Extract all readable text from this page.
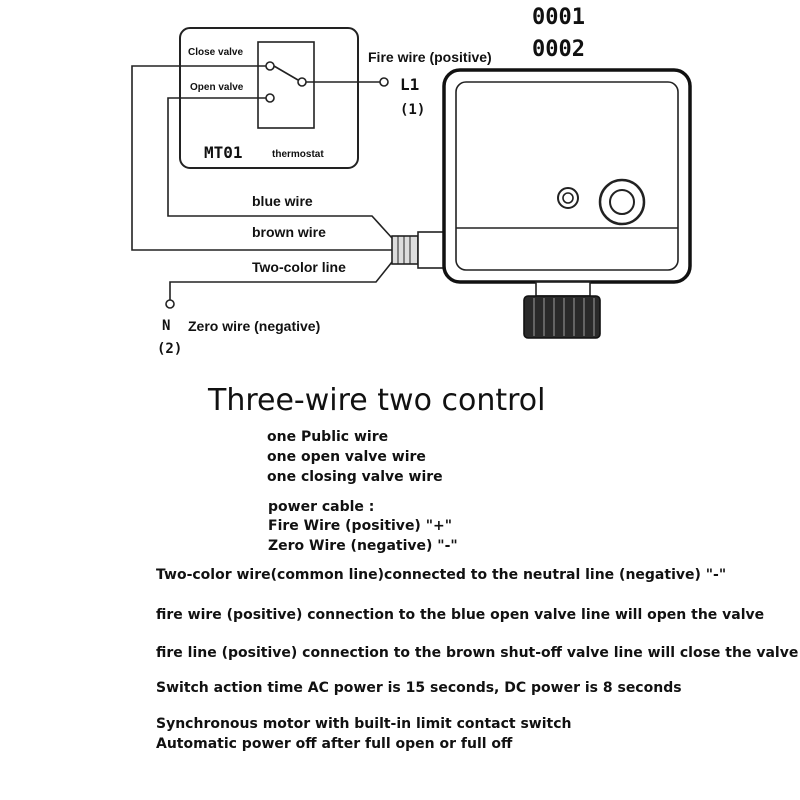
0001
0002
Close valve
Open valve
Fire wire (positive)
L1
(1)
MT01	thermostat
blue wire
brown wire
Two-color line
N
(2)
Zero wire (negative)
Three-wire two control
one Public wire
one open valve wire
one closing valve wire
power cable :
Fire Wire (positive) "+"
Zero Wire (negative) "-"
Two-color wire(common line)connected to the neutral line (negative) "-"
fire wire (positive) connection to the blue open valve line will open the valve
fire line (positive) connection to the brown shut-off valve line will close the valve
Switch action time AC power is 15 seconds, DC power is 8 seconds
Synchronous motor with built-in limit contact switch
Automatic power off after full open or full off
